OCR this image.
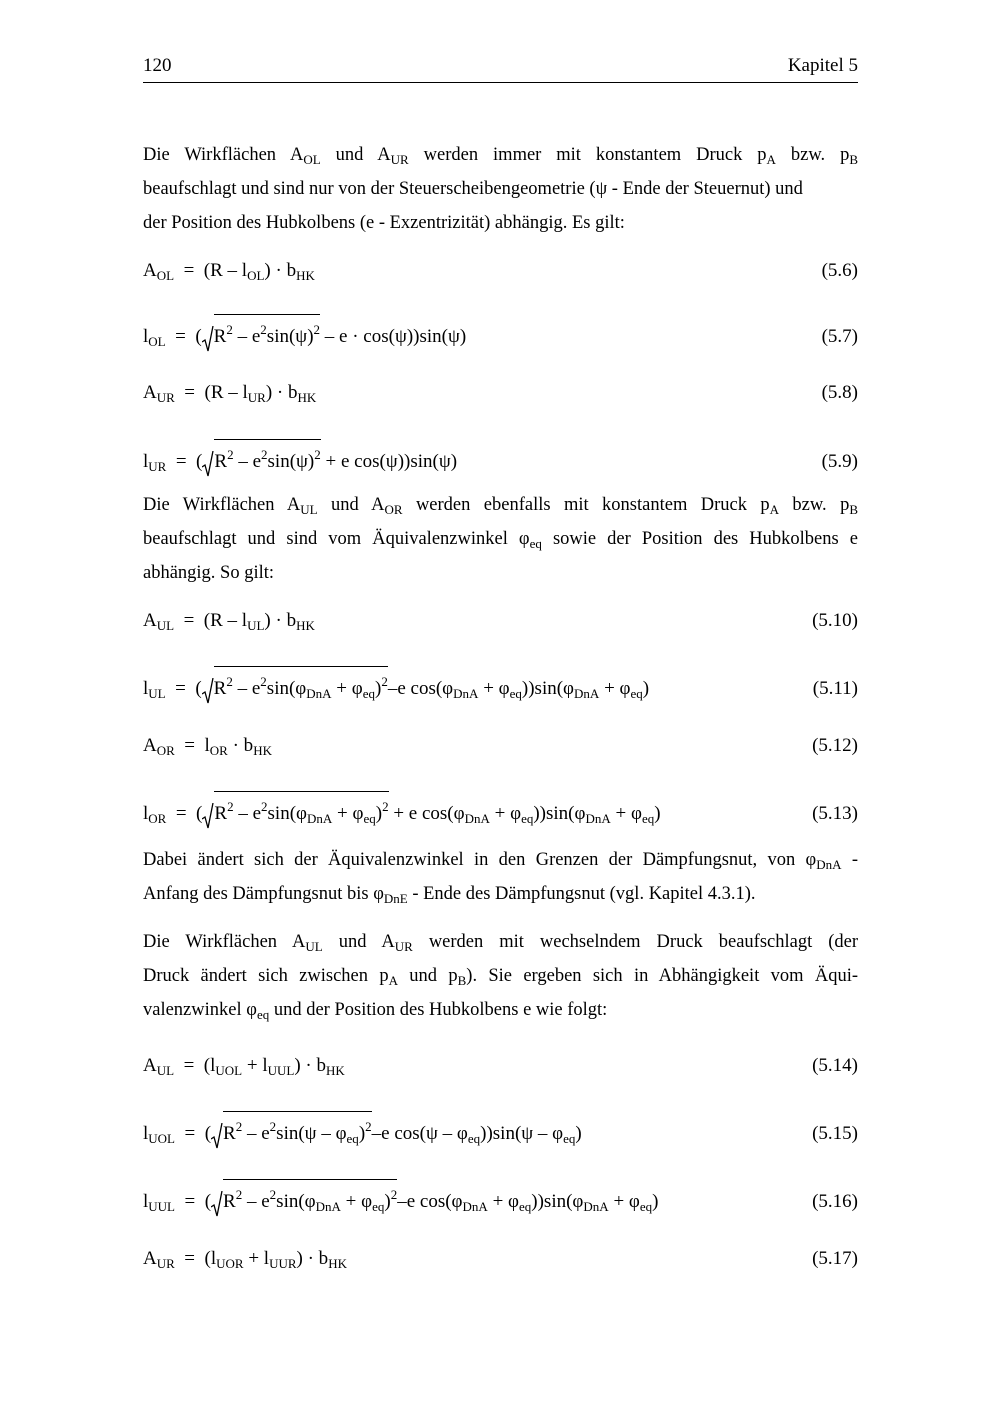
120	Kapitel 5
Die Wirkflächen $A_{OL}$ und $A_{UR}$ werden immer mit konstantem Druck $p_A$ bzw. $p_B$
beaufschlagt und sind nur von der Steuerscheibengeometrie (ψ - Ende der Steuernut) und
der Position des Hubkolbens (e - Exzentrizität) abhängig. Es gilt:
$A_{OL} = (R - l_{OL}) \cdot b_{HK}$	(5.6)
$l_{OL}$  =  ( $R^2 - e^2\sin(\psi)^2 - e \cdot \cos(\psi))\sin(\psi)$	(5.7)
$A_{UR} = (R - l_{UR}) \cdot b_{HK}$	(5.8)
$l_{UR}$  =  ( $R^2 - e^2\sin(\psi)^2 + e$ cos(ψ))sin(ψ)	(5.9)
Die Wirkflächen $A_{UL}$ und $A_{OR}$ werden ebenfalls mit konstantem Druck $p_A$ bzw. $p_B$
beaufschlagt und sind vom Äquivalenzwinkel $\varphi_{eq}$ sowie der Position des Hubkolbens e
abhängig. So gilt:
$A_{UL} = (R - l_{UL}) \cdot b_{HK}$	(5.10)
$l_{UL}$  =  ( $R^2 - e^2\sin(\varphi_{DnA} + \varphi_{eq})^2-e$ $\cos(\varphi_{DnA} + \varphi_{eq}))\sin(\varphi_{DnA} + \varphi_{eq})$	(5.11)
$A_{OR} = l_{OR} \cdot b_{HK}$	(5.12)
$l_{OR}$  =  ( $R^2 - e^2\sin(\varphi_{DnA} + \varphi_{eq})^2 + e$ $\cos(\varphi_{DnA} + \varphi_{eq}))\sin(\varphi_{DnA} + \varphi_{eq})$	(5.13)
Dabei ändert sich der Äquivalenzwinkel in den Grenzen der Dämpfungsnut, von $\varphi_{DnA}$ -
Anfang des Dämpfungsnut bis $\varphi_{DnE}$ - Ende des Dämpfungsnut (vgl. Kapitel 4.3.1).
Die Wirkflächen $A_{UL}$ und $A_{UR}$ werden mit wechselndem Druck beaufschlagt (der
Druck ändert sich zwischen $p_A$ und $p_B$). Sie ergeben sich in Abhängigkeit vom Äqui-
valenzwinkel $\varphi_{eq}$ und der Position des Hubkolbens e wie folgt:
$A_{UL} = (l_{UOL} + l_{UUL}) \cdot b_{HK}$	(5.14)
$l_{UOL}$  =  ( $R^2 - e^2\sin(\psi - \varphi_{eq})^2-e$ $\cos(\psi - \varphi_{eq}))\sin(\psi - \varphi_{eq})$	(5.15)
$l_{UUL}$  =  ( $R^2 - e^2\sin(\varphi_{DnA} + \varphi_{eq})^2-e$ $\cos(\varphi_{DnA} + \varphi_{eq}))\sin(\varphi_{DnA} + \varphi_{eq})$	(5.16)
$A_{UR} = (l_{UOR} + l_{UUR}) \cdot b_{HK}$	(5.17)
